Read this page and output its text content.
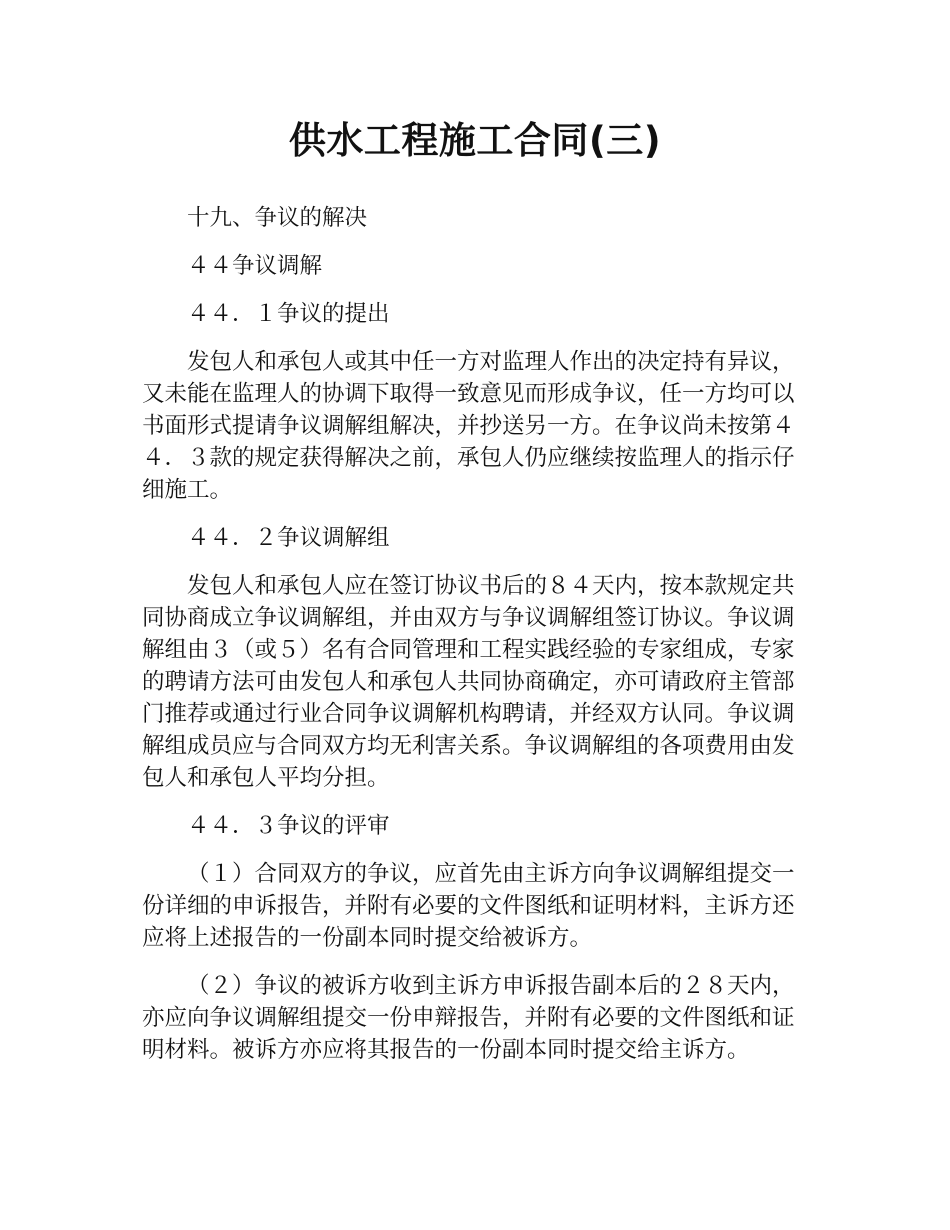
供水工程施工合同(三)

十九、争议的解决

４４争议调解

４４．１争议的提出

发包人和承包人或其中任一方对监理人作出的决定持有异议，又未能在监理人的协调下取得一致意见而形成争议，任一方均可以书面形式提请争议调解组解决，并抄送另一方。在争议尚未按第４４．３款的规定获得解决之前，承包人仍应继续按监理人的指示仔细施工。

４４．２争议调解组

发包人和承包人应在签订协议书后的８４天内，按本款规定共同协商成立争议调解组，并由双方与争议调解组签订协议。争议调解组由３（或５）名有合同管理和工程实践经验的专家组成，专家的聘请方法可由发包人和承包人共同协商确定，亦可请政府主管部门推荐或通过行业合同争议调解机构聘请，并经双方认同。争议调解组成员应与合同双方均无利害关系。争议调解组的各项费用由发包人和承包人平均分担。

４４．３争议的评审

（１）合同双方的争议，应首先由主诉方向争议调解组提交一份详细的申诉报告，并附有必要的文件图纸和证明材料，主诉方还应将上述报告的一份副本同时提交给被诉方。

（２）争议的被诉方收到主诉方申诉报告副本后的２８天内，亦应向争议调解组提交一份申辩报告，并附有必要的文件图纸和证明材料。被诉方亦应将其报告的一份副本同时提交给主诉方。
